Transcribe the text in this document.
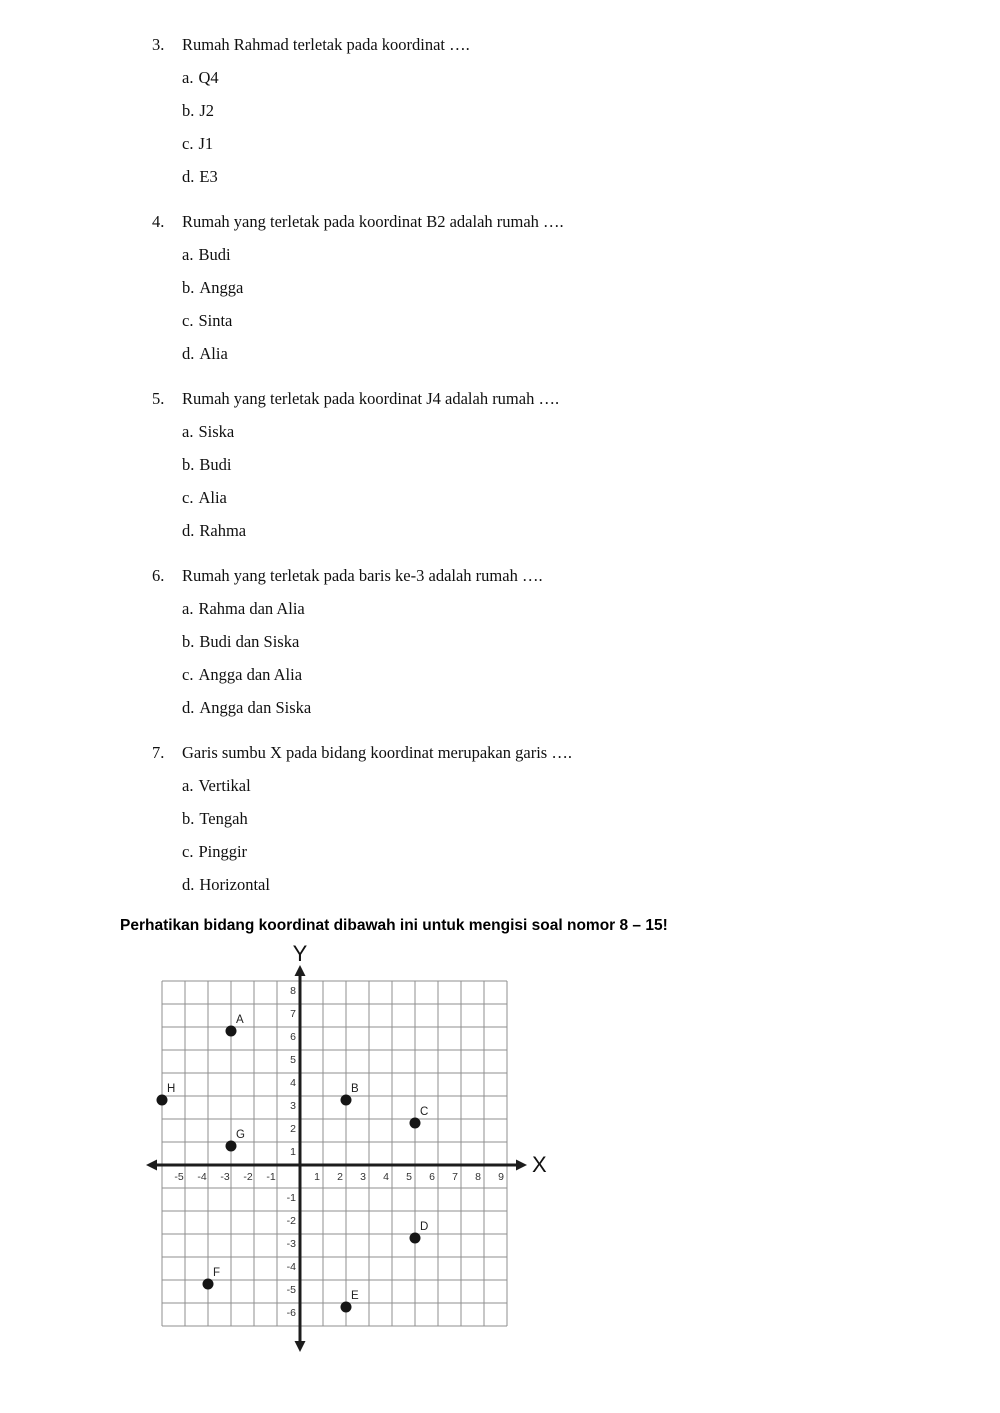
3.	Rumah Rahmad terletak pada koordinat ….
a. Q4
b. J2
c. J1
d. E3
4.	Rumah yang terletak pada koordinat B2 adalah rumah ….
a. Budi
b. Angga
c. Sinta
d. Alia
5.	Rumah yang terletak pada koordinat J4 adalah rumah ….
a. Siska
b. Budi
c. Alia
d. Rahma
6.	Rumah yang terletak pada baris ke-3 adalah rumah ….
a. Rahma dan Alia
b. Budi dan Siska
c. Angga dan Alia
d. Angga dan Siska
7.	Garis sumbu X pada bidang koordinat merupakan garis ….
a. Vertikal
b. Tengah
c. Pinggir
d. Horizontal

Perhatikan bidang koordinat dibawah ini untuk mengisi soal nomor 8 – 15!

X
Y
-5 -4 -3 -2 -1	1 2 3 4 5 6 7 8 9
8
7
6
5
4
3
2
1
-1
-2
-3
-4
-5
-6
A
B
C
D
E
F
G
H
